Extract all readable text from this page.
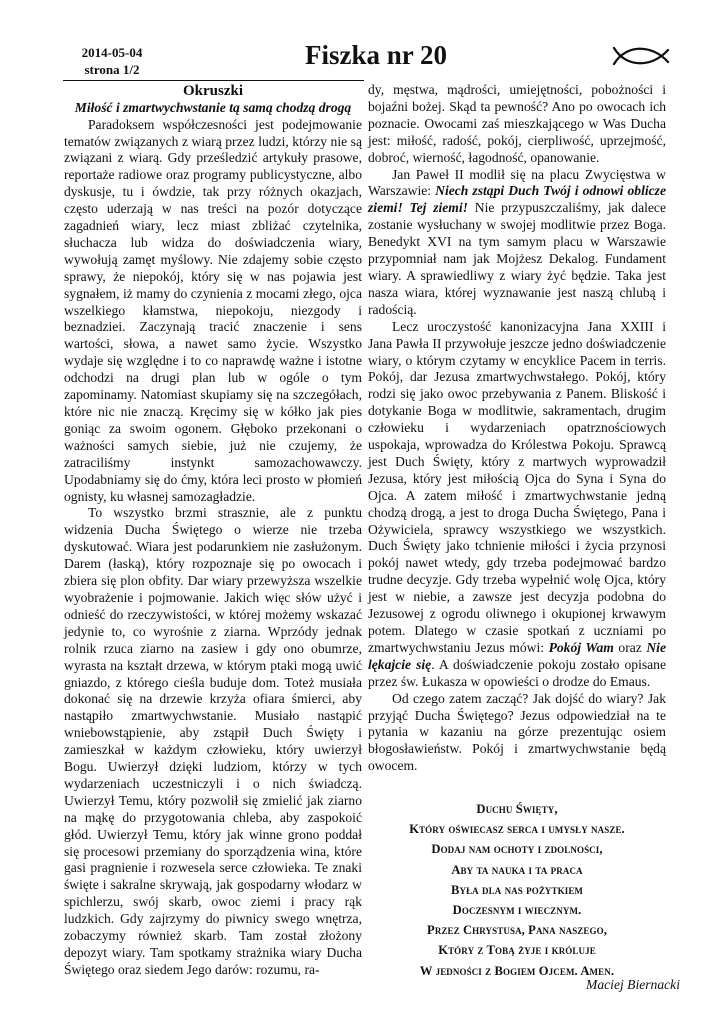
2014-05-04
strona 1/2	Fiszka nr 20
Okruszki
Miłość i zmartwychwstanie tą samą chodzą drogą

Paradoksem współczesności jest podejmowanie tematów związanych z wiarą przez ludzi, którzy nie są związani z wiarą. Gdy prześledzić artykuły prasowe, reportaże radiowe oraz programy publicystyczne, albo dyskusje, tu i ówdzie, tak przy różnych okazjach, często uderzają w nas treści na pozór dotyczące zagadnień wiary, lecz miast zbliżać czytelnika, słuchacza lub widza do doświadczenia wiary, wywołują zamęt myślowy. Nie zdajemy sobie często sprawy, że niepokój, który się w nas pojawia jest sygnałem, iż mamy do czynienia z mocami złego, ojca wszelkiego kłamstwa, niepokoju, niezgody i beznadziei. Zaczynają tracić znaczenie i sens wartości, słowa, a nawet samo życie. Wszystko wydaje się względne i to co naprawdę ważne i istotne odchodzi na drugi plan lub w ogóle o tym zapominamy. Natomiast skupiamy się na szczegółach, które nic nie znaczą. Kręcimy się w kółko jak pies goniąc za swoim ogonem. Głęboko przekonani o ważności samych siebie, już nie czujemy, że zatraciliśmy instynkt samozachowawczy. Upodabniamy się do ćmy, która leci prosto w płomień ognisty, ku własnej samozagładzie.

To wszystko brzmi strasznie, ale z punktu widzenia Ducha Świętego o wierze nie trzeba dyskutować. Wiara jest podarunkiem nie zasłużonym. Darem (łaską), który rozpoznaje się po owocach i zbiera się plon obfity. Dar wiary przewyższa wszelkie wyobrażenie i pojmowanie. Jakich więc słów użyć i odnieść do rzeczywistości, w której możemy wskazać jedynie to, co wyrośnie z ziarna. Wprzódy jednak rolnik rzuca ziarno na zasiew i gdy ono obumrze, wyrasta na kształt drzewa, w którym ptaki mogą uwić gniazdo, z którego cieśla buduje dom. Toteż musiała dokonać się na drzewie krzyża ofiara śmierci, aby nastąpiło zmartwychwstanie. Musiało nastąpić wniebowstąpienie, aby zstąpił Duch Święty i zamieszkał w każdym człowieku, który uwierzył Bogu. Uwierzył dzięki ludziom, którzy w tych wydarzeniach uczestniczyli i o nich świadczą. Uwierzył Temu, który pozwolił się zmielić jak ziarno na mąkę do przygotowania chleba, aby zaspokoić głód. Uwierzył Temu, który jak winne grono poddał się procesowi przemiany do sporządzenia wina, które gasi pragnienie i rozwesela serce człowieka. Te znaki święte i sakralne skrywają, jak gospodarny włodarz w spichlerzu, swój skarb, owoc ziemi i pracy rąk ludzkich. Gdy zajrzymy do piwnicy swego wnętrza, zobaczymy również skarb. Tam został złożony depozyt wiary. Tam spotkamy strażnika wiary Ducha Świętego oraz siedem Jego darów: rozumu, ra-

dy, męstwa, mądrości, umiejętności, pobożności i bojaźni bożej. Skąd ta pewność? Ano po owocach ich poznacie. Owocami zaś mieszkającego w Was Ducha jest: miłość, radość, pokój, cierpliwość, uprzejmość, dobroć, wierność, łagodność, opanowanie.

Jan Paweł II modlił się na placu Zwycięstwa w Warszawie: Niech zstąpi Duch Twój i odnowi oblicze ziemi! Tej ziemi! Nie przypuszczaliśmy, jak dalece zostanie wysłuchany w swojej modlitwie przez Boga. Benedykt XVI na tym samym placu w Warszawie przypomniał nam jak Mojżesz Dekalog. Fundament wiary. A sprawiedliwy z wiary żyć będzie. Taka jest nasza wiara, której wyznawanie jest naszą chlubą i radością.

Lecz uroczystość kanonizacyjna Jana XXIII i Jana Pawła II przywołuje jeszcze jedno doświadczenie wiary, o którym czytamy w encyklice Pacem in terris. Pokój, dar Jezusa zmartwychwstałego. Pokój, który rodzi się jako owoc przebywania z Panem. Bliskość i dotykanie Boga w modlitwie, sakramentach, drugim człowieku i wydarzeniach opatrznościowych uspokaja, wprowadza do Królestwa Pokoju. Sprawcą jest Duch Święty, który z martwych wyprowadził Jezusa, który jest miłością Ojca do Syna i Syna do Ojca. A zatem miłość i zmartwychwstanie jedną chodzą drogą, a jest to droga Ducha Świętego, Pana i Ożywiciela, sprawcy wszystkiego we wszystkich. Duch Święty jako tchnienie miłości i życia przynosi pokój nawet wtedy, gdy trzeba podejmować bardzo trudne decyzje. Gdy trzeba wypełnić wolę Ojca, który jest w niebie, a zawsze jest decyzja podobna do Jezusowej z ogrodu oliwnego i okupionej krwawym potem. Dlatego w czasie spotkań z uczniami po zmartwychwstaniu Jezus mówi: Pokój Wam oraz Nie lękajcie się. A doświadczenie pokoju zostało opisane przez św. Łukasza w opowieści o drodze do Emaus.

Od czego zatem zacząć? Jak dojść do wiary? Jak przyjąć Ducha Świętego? Jezus odpowiedział na te pytania w kazaniu na górze prezentując osiem błogosławieństw. Pokój i zmartwychwstanie będą owocem.

Duchu Święty,
Który oświecasz serca i umysły nasze.
Dodaj nam ochoty i zdolności,
Aby ta nauka i ta praca
Była dla nas pożytkiem
Doczesnym i wiecznym.
Przez Chrystusa, Pana naszego,
Który z Tobą żyje i króluje
W jedności z Bogiem Ojcem. Amen.
Maciej Biernacki
